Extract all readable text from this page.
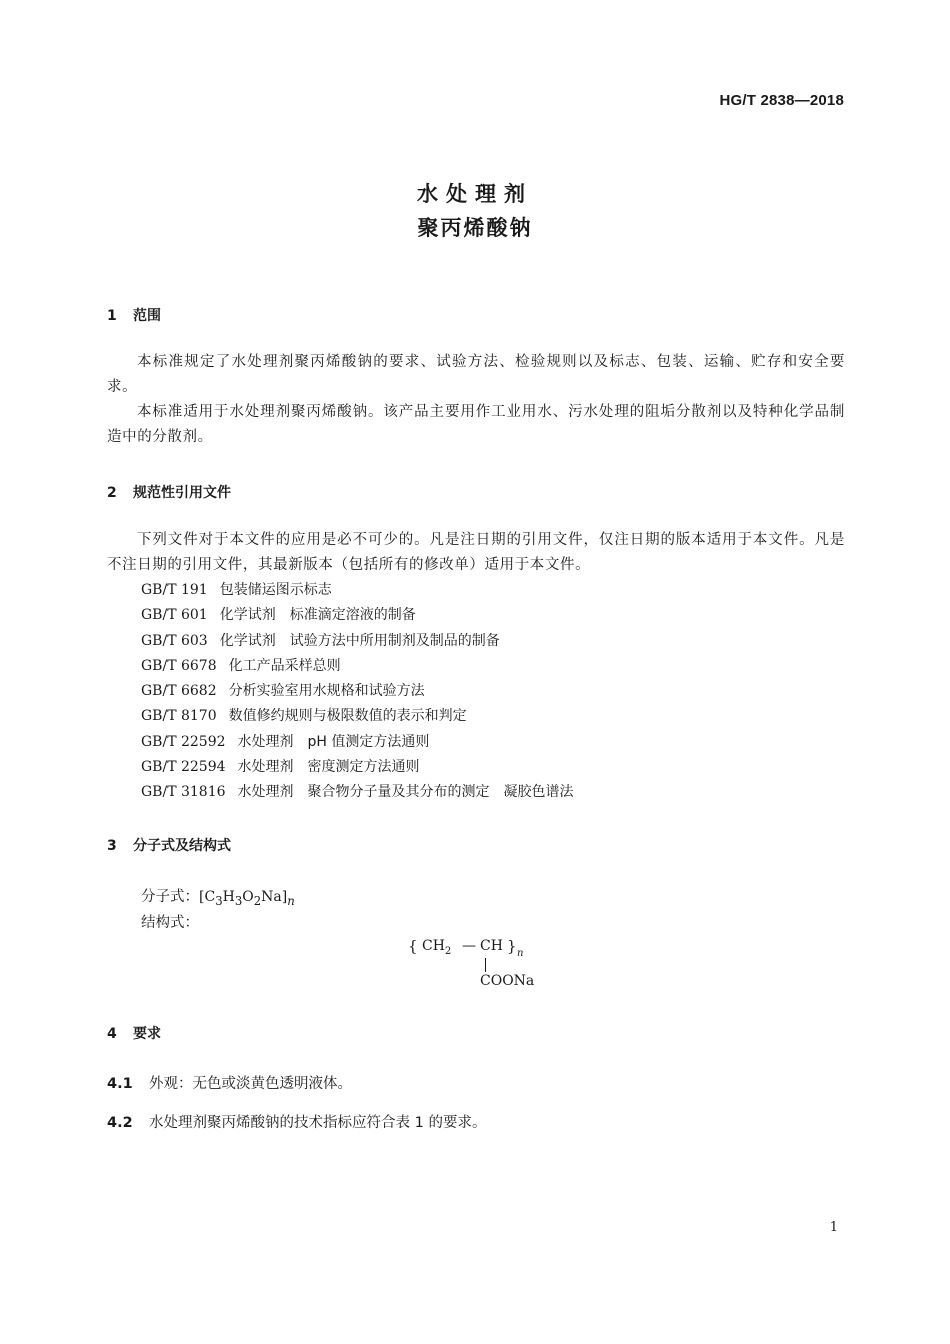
HG/T 2838—2018
水处理剂
聚丙烯酸钠
1 范围
本标准规定了水处理剂聚丙烯酸钠的要求、试验方法、检验规则以及标志、包装、运输、贮存和安全要求。
本标准适用于水处理剂聚丙烯酸钠。该产品主要用作工业用水、污水处理的阻垢分散剂以及特种化学品制造中的分散剂。
2 规范性引用文件
下列文件对于本文件的应用是必不可少的。凡是注日期的引用文件，仅注日期的版本适用于本文件。凡是不注日期的引用文件，其最新版本（包括所有的修改单）适用于本文件。
GB/T 191 包装储运图示标志
GB/T 601 化学试剂　标准滴定溶液的制备
GB/T 603 化学试剂　试验方法中所用制剂及制品的制备
GB/T 6678 化工产品采样总则
GB/T 6682 分析实验室用水规格和试验方法
GB/T 8170 数值修约规则与极限数值的表示和判定
GB/T 22592 水处理剂　pH 值测定方法通则
GB/T 22594 水处理剂　密度测定方法通则
GB/T 31816 水处理剂　聚合物分子量及其分布的测定　凝胶色谱法
3 分子式及结构式
分子式：$[C_3H_3O_2Na]_n$
结构式：
{ $CH_2$ — CH } n
COONa
4 要求
4.1 外观：无色或淡黄色透明液体。
4.2 水处理剂聚丙烯酸钠的技术指标应符合表 1 的要求。
1
